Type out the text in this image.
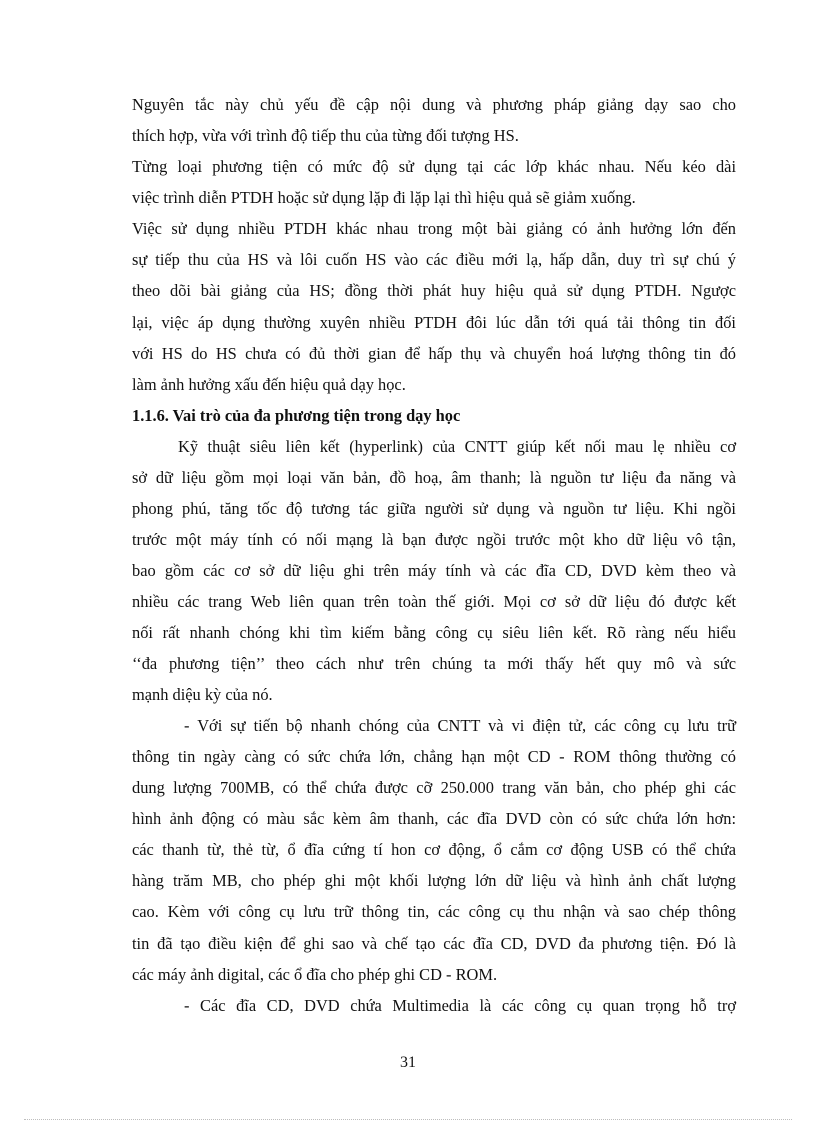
Nguyên tắc này chủ yếu đề cập nội dung và phương pháp giảng dạy sao cho
thích hợp, vừa với trình độ tiếp thu của từng đối tượng HS.
Từng loại phương tiện có mức độ sử dụng tại các lớp khác nhau. Nếu kéo dài
việc trình diễn PTDH hoặc sử dụng lặp đi lặp lại thì hiệu quả sẽ giảm xuống.
Việc sử dụng nhiều PTDH khác nhau trong một bài giảng có ảnh hưởng lớn đến
sự tiếp thu của HS và lôi cuốn HS vào các điều mới lạ, hấp dẫn, duy trì sự chú ý
theo dõi bài giảng của HS; đồng thời phát huy hiệu quả sử dụng PTDH. Ngược
lại, việc áp dụng thường xuyên nhiều PTDH đôi lúc dẫn tới quá tải thông tin đối
với HS do HS chưa có đủ thời gian để hấp thụ và chuyển hoá lượng thông tin đó
làm ảnh hưởng xấu đến hiệu quả dạy học.
1.1.6. Vai trò của đa phương tiện trong dạy học
Kỹ thuật siêu liên kết (hyperlink) của CNTT giúp kết nối mau lẹ nhiều cơ
sở dữ liệu gồm mọi loại văn bản, đồ hoạ, âm thanh; là nguồn tư liệu đa năng và
phong phú, tăng tốc độ tương tác giữa người sử dụng và nguồn tư liệu. Khi ngồi
trước một máy tính có nối mạng là bạn được ngồi trước một kho dữ liệu vô tận,
bao gồm các cơ sở dữ liệu ghi trên máy tính và các đĩa CD, DVD kèm theo và
nhiều các trang Web liên quan trên toàn thế giới. Mọi cơ sở dữ liệu đó được kết
nối rất nhanh chóng khi tìm kiếm bằng công cụ siêu liên kết. Rõ ràng nếu hiểu
‘‘đa phương tiện’’ theo cách như trên chúng ta mới thấy hết quy mô và sức
mạnh diệu kỳ của nó.
- Với sự tiến bộ nhanh chóng của CNTT và vi điện tử, các công cụ lưu trữ
thông tin ngày càng có sức chứa lớn, chẳng hạn một CD - ROM thông thường có
dung lượng 700MB, có thể chứa được cỡ 250.000 trang văn bản, cho phép ghi các
hình ảnh động có màu sắc kèm âm thanh, các đĩa DVD còn có sức chứa lớn hơn:
các thanh từ, thẻ từ, ổ đĩa cứng tí hon cơ động, ổ cắm cơ động USB có thể chứa
hàng trăm MB, cho phép ghi một khối lượng lớn dữ liệu và hình ảnh chất lượng
cao. Kèm với công cụ lưu trữ thông tin, các công cụ thu nhận và sao chép thông
tin đã tạo điều kiện để ghi sao và chế tạo các đĩa CD, DVD đa phương tiện. Đó là
các máy ảnh digital, các ổ đĩa cho phép ghi CD - ROM.
- Các đĩa CD, DVD chứa Multimedia là các công cụ quan trọng hỗ trợ
31
